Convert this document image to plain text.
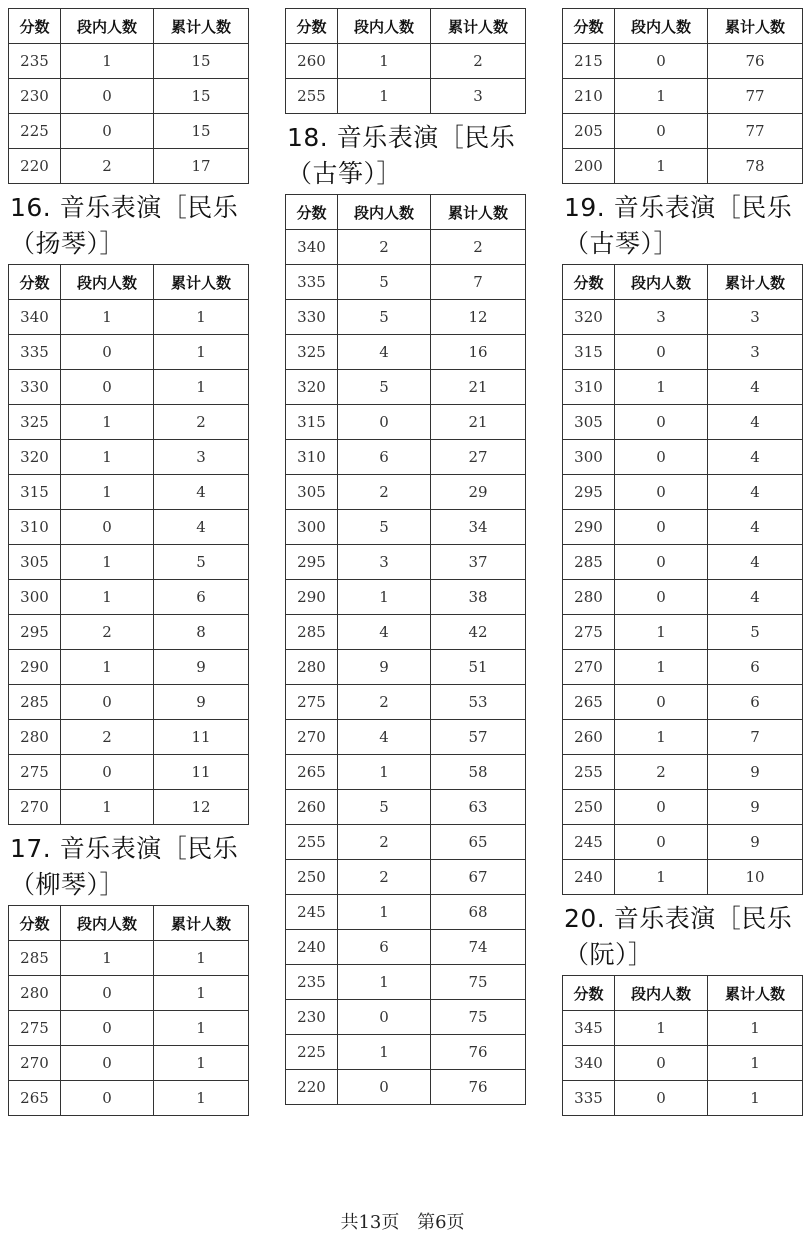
分数	段内人数	累计人数
235	1	15
230	0	15
225	0	15
220	2	17
16. 音乐表演［民乐
（扬琴）］
分数	段内人数	累计人数
340	1	1
335	0	1
330	0	1
325	1	2
320	1	3
315	1	4
310	0	4
305	1	5
300	1	6
295	2	8
290	1	9
285	0	9
280	2	11
275	0	11
270	1	12
17. 音乐表演［民乐
（柳琴）］
分数	段内人数	累计人数
285	1	1
280	0	1
275	0	1
270	0	1
265	0	1
分数	段内人数	累计人数
260	1	2
255	1	3
18. 音乐表演［民乐
（古筝）］
分数	段内人数	累计人数
340	2	2
335	5	7
330	5	12
325	4	16
320	5	21
315	0	21
310	6	27
305	2	29
300	5	34
295	3	37
290	1	38
285	4	42
280	9	51
275	2	53
270	4	57
265	1	58
260	5	63
255	2	65
250	2	67
245	1	68
240	6	74
235	1	75
230	0	75
225	1	76
220	0	76
分数	段内人数	累计人数
215	0	76
210	1	77
205	0	77
200	1	78
19. 音乐表演［民乐
（古琴）］
分数	段内人数	累计人数
320	3	3
315	0	3
310	1	4
305	0	4
300	0	4
295	0	4
290	0	4
285	0	4
280	0	4
275	1	5
270	1	6
265	0	6
260	1	7
255	2	9
250	0	9
245	0	9
240	1	10
20. 音乐表演［民乐
（阮）］
分数	段内人数	累计人数
345	1	1
340	0	1
335	0	1
共13页 第6页
